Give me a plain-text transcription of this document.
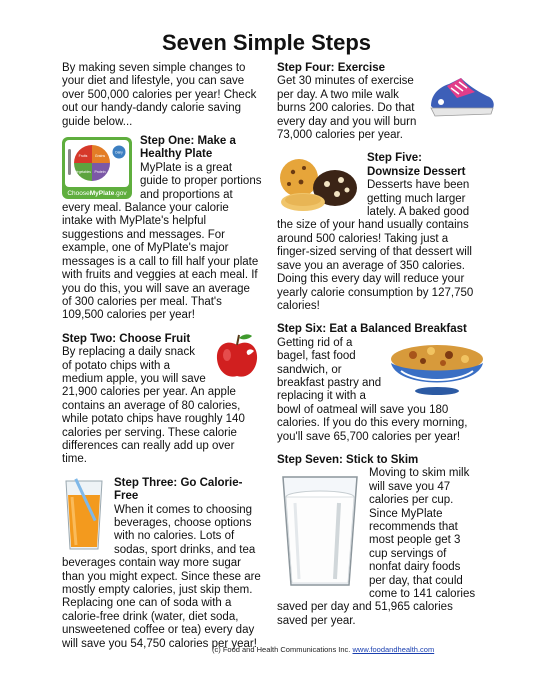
Seven Simple Steps

By making seven simple changes to your diet and lifestyle, you can save over 500,000 calories per year! Check out our handy-dandy calorie saving guide below...

ChooseMyPlate.gov
Fruits Grains
Vegetables Protein
Dairy
Step One: Make a Healthy Plate

MyPlate is a great guide to proper portions and proportions at every meal. Balance your calorie intake with MyPlate's helpful suggestions and messages. For example, one of MyPlate's major messages is a call to fill half your plate with fruits and veggies at each meal. If you do this, you will save an average of 300 calories per meal. That's 109,500 calories per year!

Step Two: Choose Fruit

By replacing a daily snack of potato chips with a medium apple, you will save 21,900 calories per year. An apple contains an average of 80 calories, while potato chips have roughly 140 calories per serving. These calorie differences can really add up over time.

Step Three: Go Calorie-Free

When it comes to choosing beverages, choose options with no calories. Lots of sodas, sport drinks, and tea beverages contain way more sugar than you might expect. Since these are mostly empty calories, just skip them. Replacing one can of soda with a calorie-free drink (water, diet soda, unsweetened coffee or tea) every day will save you 54,750 calories per year!

Step Four: Exercise

Get 30 minutes of exercise per day. A two mile walk burns 200 calories. Do that every day and you will burn 73,000 calories per year.

Step Five: Downsize Dessert

Desserts have been getting much larger lately. A baked good the size of your hand usually contains around 500 calories! Taking just a finger-sized serving of that dessert will save you an average of 350 calories. Doing this every day will reduce your yearly calorie consumption by 127,750 calories!

Step Six: Eat a Balanced Breakfast

Getting rid of a bagel, fast food sandwich, or breakfast pastry and replacing it with a bowl of oatmeal will save you 180 calories. If you do this every morning, you'll save 65,700 calories per year!

Step Seven: Stick to Skim

Moving to skim milk will save you 47 calories per cup. Since MyPlate recommends that most people get 3 cup servings of nonfat dairy foods per day, that could come to 141 calories saved per day and 51,965 calories saved per year.

(c) Food and Health Communications Inc. www.foodandhealth.com
